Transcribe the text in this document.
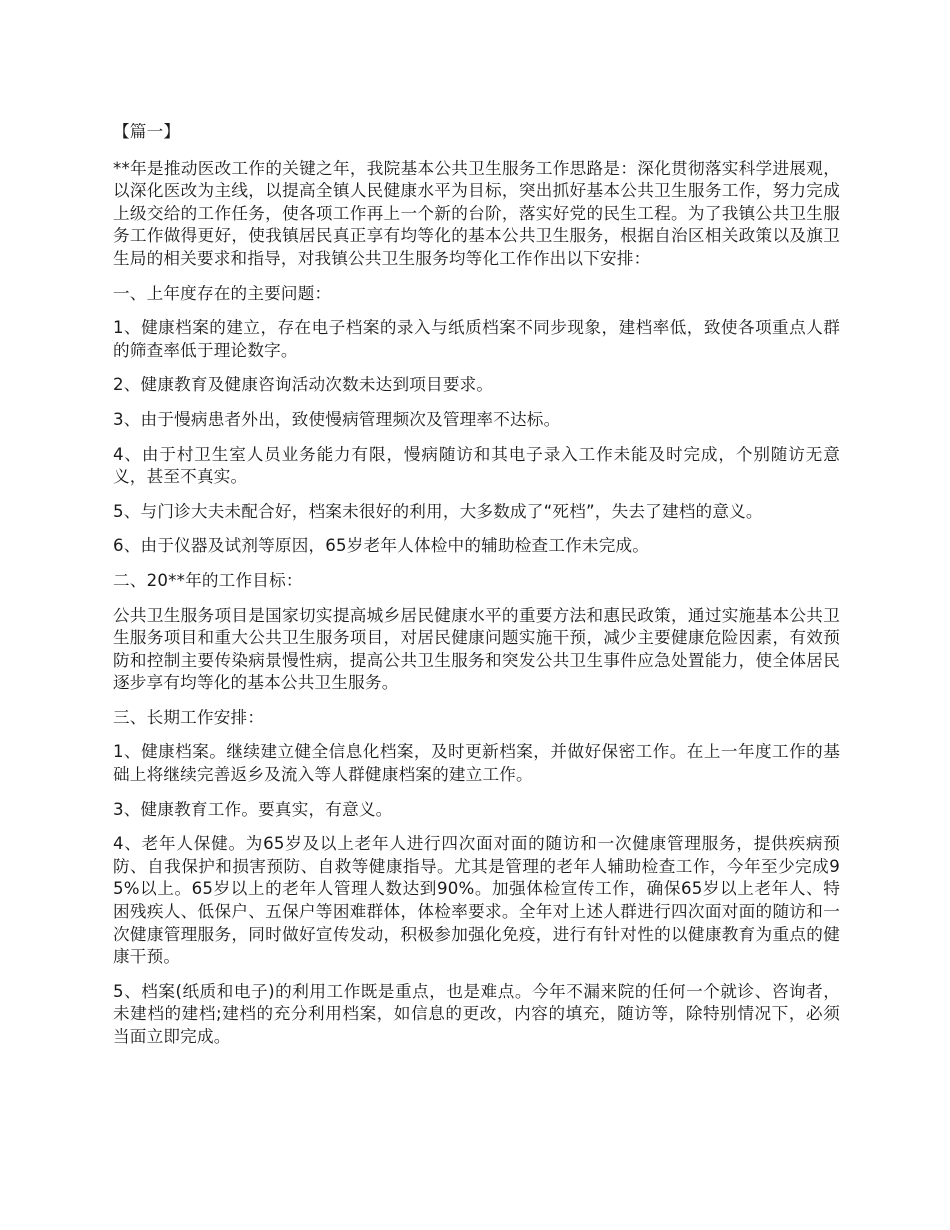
【篇一】

**年是推动医改工作的关键之年，我院基本公共卫生服务工作思路是：深化贯彻落实科学进展观，以深化医改为主线，以提高全镇人民健康水平为目标，突出抓好基本公共卫生服务工作，努力完成上级交给的工作任务，使各项工作再上一个新的台阶，落实好党的民生工程。为了我镇公共卫生服务工作做得更好，使我镇居民真正享有均等化的基本公共卫生服务，根据自治区相关政策以及旗卫生局的相关要求和指导，对我镇公共卫生服务均等化工作作出以下安排：

一、上年度存在的主要问题：

1、健康档案的建立，存在电子档案的录入与纸质档案不同步现象，建档率低，致使各项重点人群的筛查率低于理论数字。

2、健康教育及健康咨询活动次数未达到项目要求。

3、由于慢病患者外出，致使慢病管理频次及管理率不达标。

4、由于村卫生室人员业务能力有限，慢病随访和其电子录入工作未能及时完成，个别随访无意义，甚至不真实。

5、与门诊大夫未配合好，档案未很好的利用，大多数成了“死档”，失去了建档的意义。

6、由于仪器及试剂等原因，65岁老年人体检中的辅助检查工作未完成。

二、20**年的工作目标：

公共卫生服务项目是国家切实提高城乡居民健康水平的重要方法和惠民政策，通过实施基本公共卫生服务项目和重大公共卫生服务项目，对居民健康问题实施干预，减少主要健康危险因素，有效预防和控制主要传染病景慢性病，提高公共卫生服务和突发公共卫生事件应急处置能力，使全体居民逐步享有均等化的基本公共卫生服务。

三、长期工作安排：

1、健康档案。继续建立健全信息化档案，及时更新档案，并做好保密工作。在上一年度工作的基础上将继续完善返乡及流入等人群健康档案的建立工作。

3、健康教育工作。要真实，有意义。

4、老年人保健。为65岁及以上老年人进行四次面对面的随访和一次健康管理服务，提供疾病预防、自我保护和损害预防、自救等健康指导。尤其是管理的老年人辅助检查工作，今年至少完成95%以上。65岁以上的老年人管理人数达到90%。加强体检宣传工作，确保65岁以上老年人、特困残疾人、低保户、五保户等困难群体，体检率要求。全年对上述人群进行四次面对面的随访和一次健康管理服务，同时做好宣传发动，积极参加强化免疫，进行有针对性的以健康教育为重点的健康干预。

5、档案(纸质和电子)的利用工作既是重点，也是难点。今年不漏来院的任何一个就诊、咨询者，未建档的建档;建档的充分利用档案，如信息的更改，内容的填充，随访等，除特别情况下，必须当面立即完成。
